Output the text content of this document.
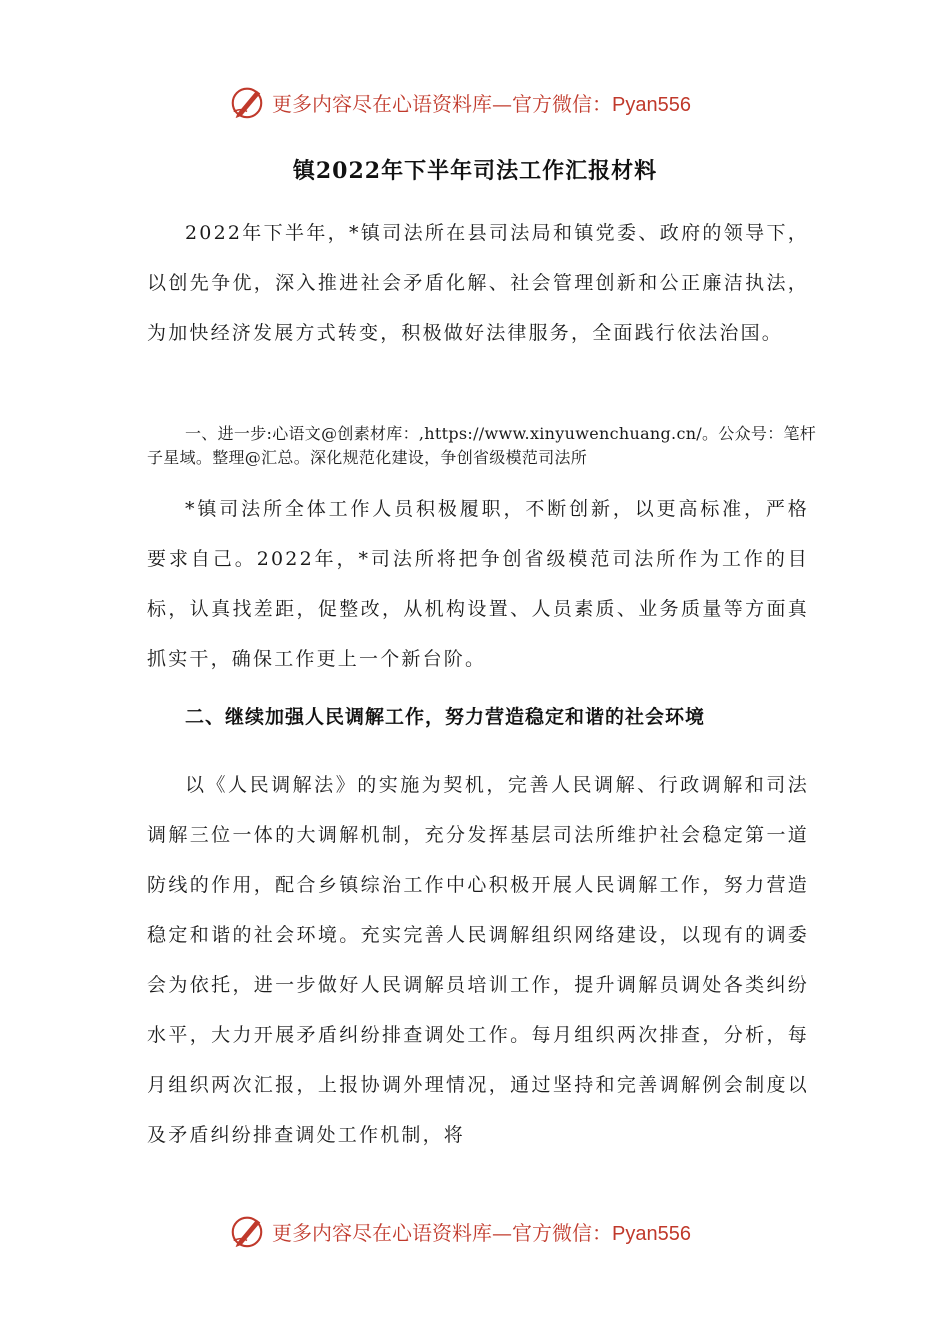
更多内容尽在心语资料库—官方微信：Pyan556
镇2022年下半年司法工作汇报材料
2022年下半年，*镇司法所在县司法局和镇党委、政府的领导下，以创先争优，深入推进社会矛盾化解、社会管理创新和公正廉洁执法，为加快经济发展方式转变，积极做好法律服务，全面践行依法治国。
一、进一步:心语文@创素材库：,https://www.xinyuwenchuang.cn/。公众号：笔杆子星域。整理@汇总。深化规范化建设，争创省级模范司法所
*镇司法所全体工作人员积极履职，不断创新，以更高标准，严格要求自己。2022年，*司法所将把争创省级模范司法所作为工作的目标，认真找差距，促整改，从机构设置、人员素质、业务质量等方面真抓实干，确保工作更上一个新台阶。
二、继续加强人民调解工作，努力营造稳定和谐的社会环境
以《人民调解法》的实施为契机，完善人民调解、行政调解和司法调解三位一体的大调解机制，充分发挥基层司法所维护社会稳定第一道防线的作用，配合乡镇综治工作中心积极开展人民调解工作，努力营造稳定和谐的社会环境。充实完善人民调解组织网络建设，以现有的调委会为依托，进一步做好人民调解员培训工作，提升调解员调处各类纠纷水平，大力开展矛盾纠纷排查调处工作。每月组织两次排查，分析，每月组织两次汇报，上报协调外理情况，通过坚持和完善调解例会制度以及矛盾纠纷排查调处工作机制，将
更多内容尽在心语资料库—官方微信：Pyan556
